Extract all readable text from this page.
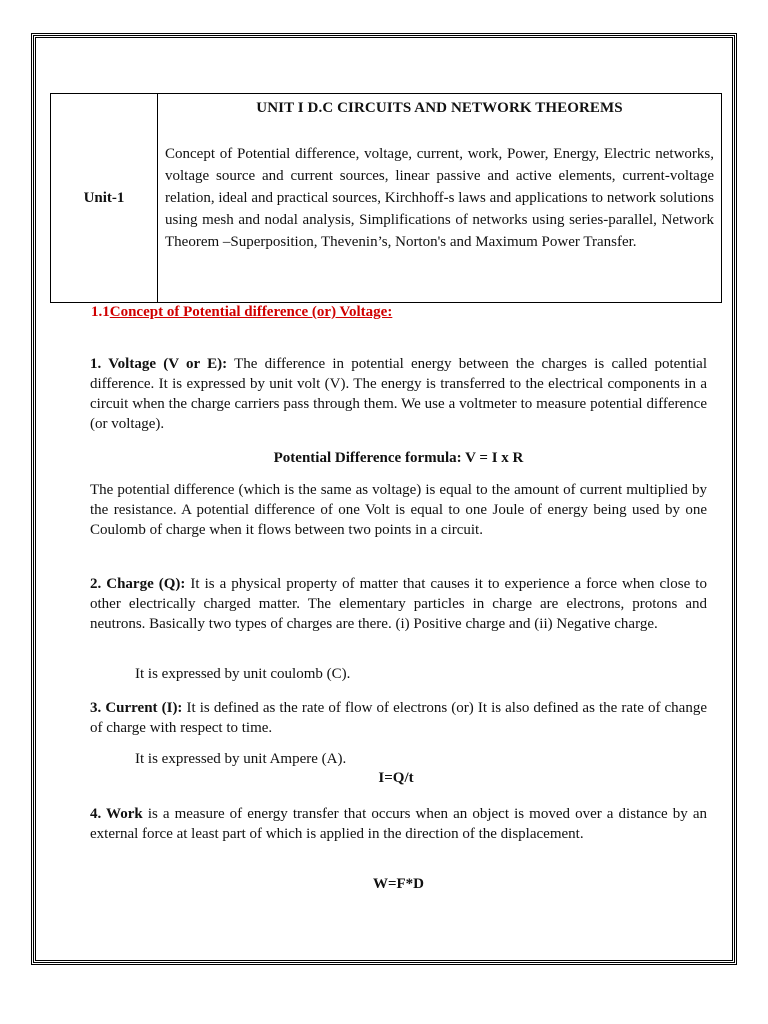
Unit-1	

UNIT I D.C CIRCUITS AND NETWORK THEOREMS

Concept of Potential difference, voltage, current, work, Power, Energy, Electric networks, voltage source and current sources, linear passive and active elements, current-voltage relation, ideal and practical sources, Kirchhoff-s laws and applications to network solutions using mesh and nodal analysis, Simplifications of networks using series-parallel, Network Theorem –Superposition, Thevenin’s, Norton's and Maximum Power Transfer.

1.1Concept of Potential difference (or) Voltage:

1. Voltage (V or E): The difference in potential energy between the charges is called potential difference. It is expressed by unit volt (V). The energy is transferred to the electrical components in a circuit when the charge carriers pass through them. We use a voltmeter to measure potential difference (or voltage).

Potential Difference formula: V = I x R

The potential difference (which is the same as voltage) is equal to the amount of current multiplied by the resistance. A potential difference of one Volt is equal to one Joule of energy being used by one Coulomb of charge when it flows between two points in a circuit.

2. Charge (Q): It is a physical property of matter that causes it to experience a force when close to other electrically charged matter. The elementary particles in charge are electrons, protons and neutrons. Basically two types of charges are there. (i) Positive charge and (ii) Negative charge.

It is expressed by unit coulomb (C).

3. Current (I): It is defined as the rate of flow of electrons (or) It is also defined as the rate of change of charge with respect to time.

It is expressed by unit Ampere (A).

I=Q/t

4. Work is a measure of energy transfer that occurs when an object is moved over a distance by an external force at least part of which is applied in the direction of the displacement.

W=F*D
